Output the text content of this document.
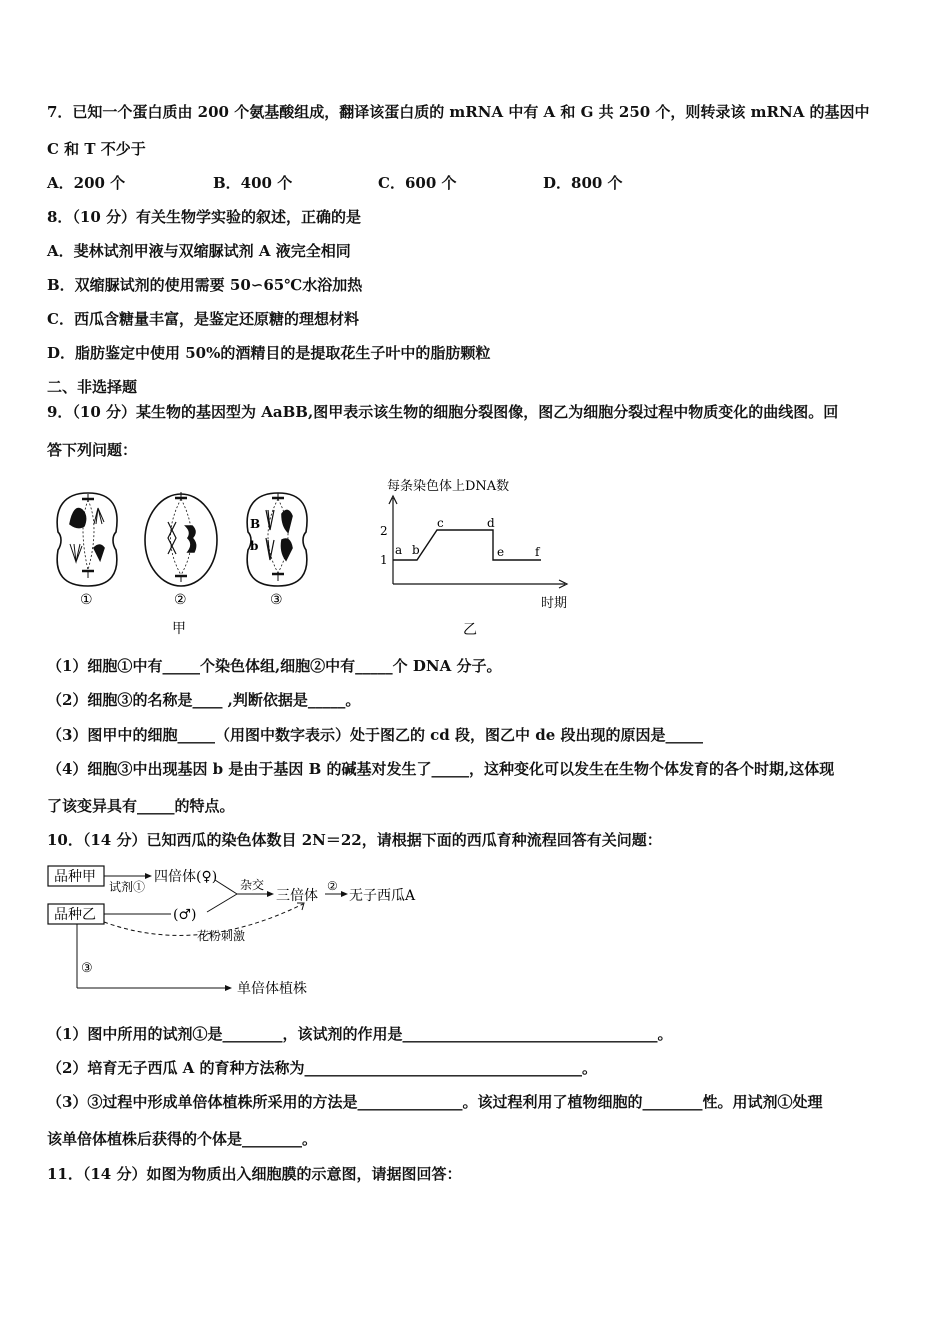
7．已知一个蛋白质由 200 个氨基酸组成，翻译该蛋白质的 mRNA 中有 A 和 G 共 250 个，则转录该 mRNA 的基因中
C 和 T 不少于
A．200 个	B．400 个	C．600 个	D．800 个
8．（10 分）有关生物学实验的叙述，正确的是
A．斐林试剂甲液与双缩脲试剂 A 液完全相同
B．双缩脲试剂的使用需要 50∽65℃水浴加热
C．西瓜含糖量丰富，是鉴定还原糖的理想材料
D．脂肪鉴定中使用 50%的酒精目的是提取花生子叶中的脂肪颗粒
二、非选择题
9．（10 分）某生物的基因型为 AaBB,图甲表示该生物的细胞分裂图像，图乙为细胞分裂过程中物质变化的曲线图。回
答下列问题：
B
b
①	②	③
甲
每条染色体上DNA数
2
1
a b
c	d
e	f
时期
乙
（1）细胞①中有_____个染色体组,细胞②中有_____个 DNA 分子。
（2）细胞③的名称是____ ,判断依据是_____。
（3）图甲中的细胞_____（用图中数字表示）处于图乙的 cd 段，图乙中 de 段出现的原因是_____
（4）细胞③中出现基因 b 是由于基因 B 的碱基对发生了_____，这种变化可以发生在生物个体发育的各个时期,这体现
了该变异具有_____的特点。
10．（14 分）已知西瓜的染色体数目 2N＝22，请根据下面的西瓜育种流程回答有关问题：
品种甲
品种乙
试剂①
四倍体(♀)
(♂)
杂交
三倍体
②
无子西瓜A
花粉刺激
③
单倍体植株
（1）图中所用的试剂①是________，该试剂的作用是__________________________________。
（2）培育无子西瓜 A 的育种方法称为_____________________________________。
（3）③过程中形成单倍体植株所采用的方法是______________。该过程利用了植物细胞的________性。用试剂①处理
该单倍体植株后获得的个体是________。
11．（14 分）如图为物质出入细胞膜的示意图，请据图回答：
